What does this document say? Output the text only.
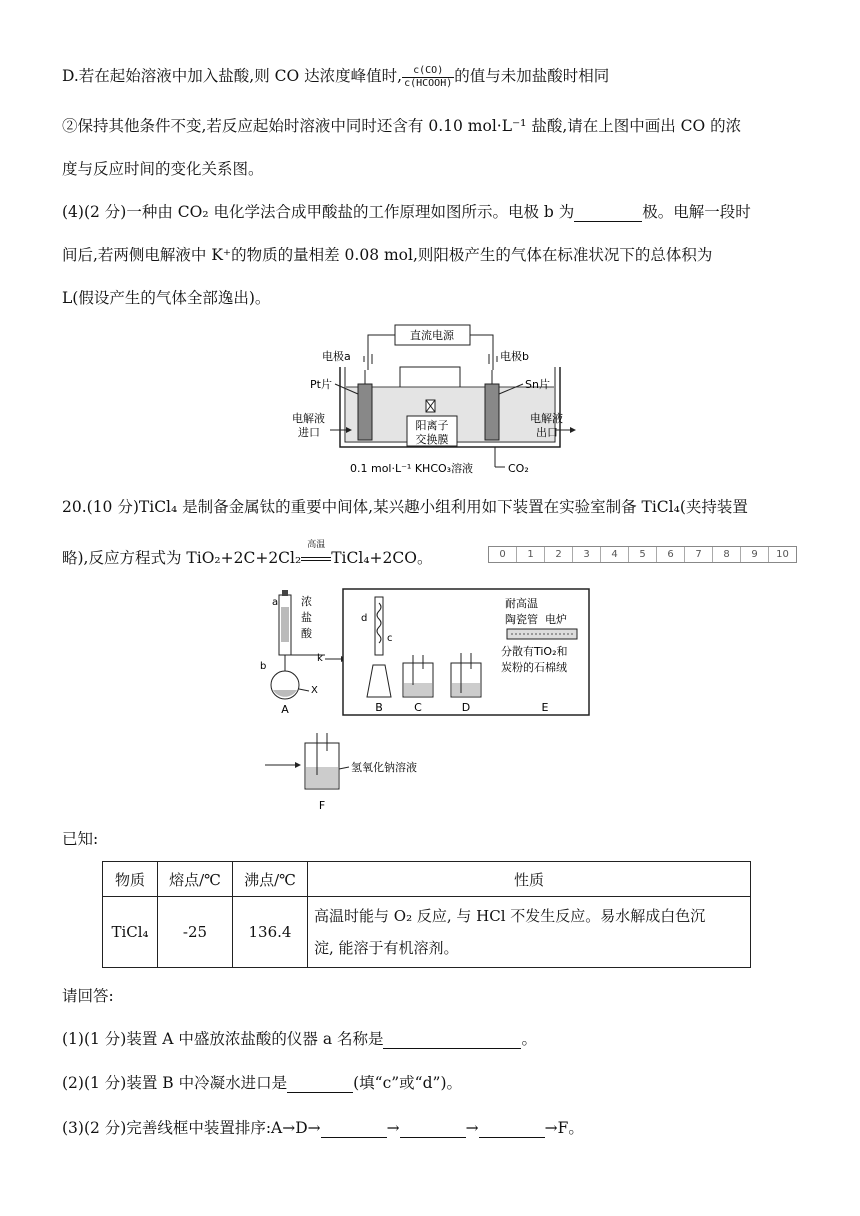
D.若在起始溶液中加入盐酸,则 CO 达浓度峰值时, $\frac{c(CO)}{\text{c(HCOOH)}}$ 的值与未加盐酸时相同
②保持其他条件不变,若反应起始时溶液中同时还含有 0.10 mol·L⁻¹ 盐酸,请在上图中画出 CO 的浓
度与反应时间的变化关系图。
(4)(2 分)一种由 CO₂ 电化学法合成甲酸盐的工作原理如图所示。电极 b 为	极。电解一段时
间后,若两侧电解液中 K⁺的物质的量相差 0.08 mol,则阳极产生的气体在标准状况下的总体积为
L(假设产生的气体全部逸出)。
直流电源
电极a	电极b
Pt片	Sn片
阳离子
交换膜
电解液
进口
电解液
出口
0.1 mol·L⁻¹ KHCO₃溶液	CO₂
20.(10 分)TiCl₄ 是制备金属钛的重要中间体,某兴趣小组利用如下装置在实验室制备 TiCl₄(夹持装置
略),反应方程式为 TiO₂+2C+2Cl₂
高温
TiCl₄+2CO。	0	1	2	3	4	5	6	7	8	9	10
a 浓
盐
酸
k
b
X
A
d
c
B	C	D
耐高温
陶瓷管 电炉
分散有TiO₂和
炭粉的石棉绒
E
氢氧化钠溶液
F
已知:
物质	熔点/℃	沸点/℃	性质
TiCl₄	-25	136.4	高温时能与 O₂ 反应, 与 HCl 不发生反应。易水解成白色沉
淀, 能溶于有机溶剂。
请回答:
(1)(1 分)装置 A 中盛放浓盐酸的仪器 a 名称是	。
(2)(1 分)装置 B 中冷凝水进口是	(填“c”或“d”)。
(3)(2 分)完善线框中装置排序:A→D→	→	→	→F。
